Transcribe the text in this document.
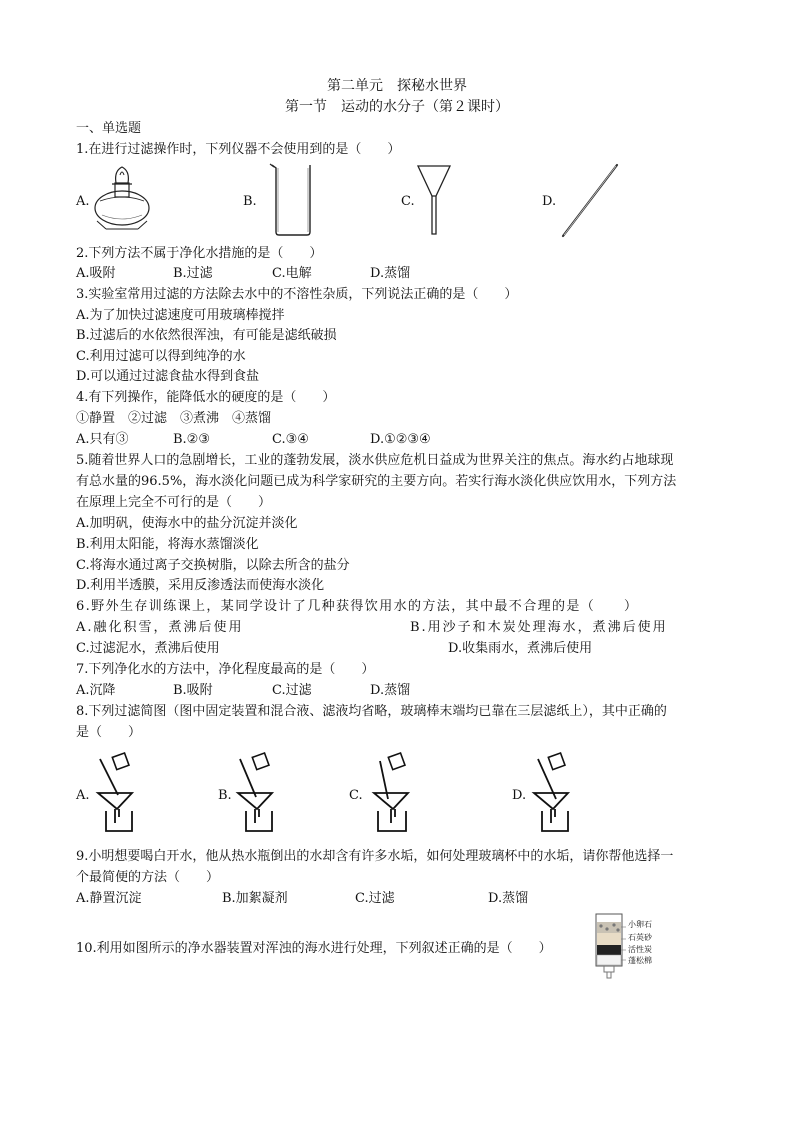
第二单元　探秘水世界
第一节　运动的水分子（第２课时）
一、单选题
1.在进行过滤操作时，下列仪器不会使用到的是（　　）
A.	B.	C.	D.
2.下列方法不属于净化水措施的是（　　）
A.吸附	B.过滤	C.电解	D.蒸馏
3.实验室常用过滤的方法除去水中的不溶性杂质，下列说法正确的是（　　）
A.为了加快过滤速度可用玻璃棒搅拌
B.过滤后的水依然很浑浊，有可能是滤纸破损
C.利用过滤可以得到纯净的水
D.可以通过过滤食盐水得到食盐
4.有下列操作，能降低水的硬度的是（　　）
①静置　②过滤　③煮沸　④蒸馏
A.只有③	B.②③	C.③④	D.①②③④
5.随着世界人口的急剧增长，工业的蓬勃发展，淡水供应危机日益成为世界关注的焦点。海水约占地球现
有总水量的96.5%，海水淡化问题已成为科学家研究的主要方向。若实行海水淡化供应饮用水，下列方法
在原理上完全不可行的是（　　）
A.加明矾，使海水中的盐分沉淀并淡化
B.利用太阳能，将海水蒸馏淡化
C.将海水通过离子交换树脂，以除去所含的盐分
D.利用半透膜，采用反渗透法而使海水淡化
6.野外生存训练课上，某同学设计了几种获得饮用水的方法，其中最不合理的是（　　）
A.融化积雪，煮沸后使用	B.用沙子和木炭处理海水，煮沸后使用
C.过滤泥水，煮沸后使用	D.收集雨水，煮沸后使用
7.下列净化水的方法中，净化程度最高的是（　　）
A.沉降	B.吸附	C.过滤	D.蒸馏
8.下列过滤简图（图中固定装置和混合液、滤液均省略，玻璃棒末端均已靠在三层滤纸上），其中正确的
是（　　）
A.	B.	C.	D.
9.小明想要喝白开水，他从热水瓶倒出的水却含有许多水垢，如何处理玻璃杯中的水垢，请你帮他选择一
个最简便的方法（　　）
A.静置沉淀	B.加絮凝剂	C.过滤	D.蒸馏
10.利用如图所示的净水器装置对浑浊的海水进行处理，下列叙述正确的是（　　）
小卵石
石英砂
活性炭
蓬松棉
